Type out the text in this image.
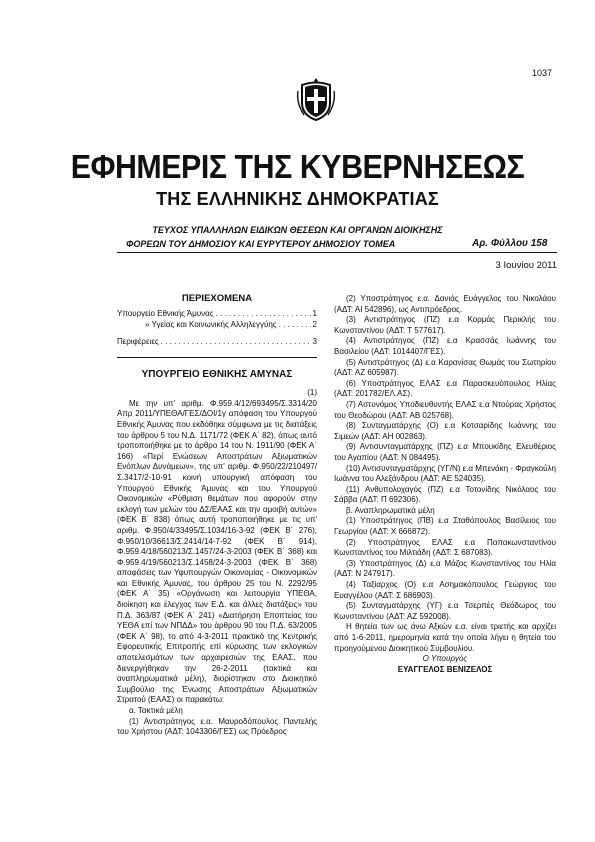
1037
ΕΦΗΜΕΡΙΣ ΤΗΣ ΚΥΒΕΡΝΗΣΕΩΣ
ΤΗΣ ΕΛΛΗΝΙΚΗΣ ΔΗΜΟΚΡΑΤΙΑΣ
ΤΕΥΧΟΣ ΥΠΑΛΛΗΛΩΝ ΕΙΔΙΚΩΝ ΘΕΣΕΩΝ ΚΑΙ ΟΡΓΑΝΩΝ ΔΙΟΙΚΗΣΗΣ
ΦΟΡΕΩΝ ΤΟΥ ΔΗΜΟΣΙΟΥ ΚΑΙ ΕΥΡΥΤΕΡΟΥ ΔΗΜΟΣΙΟΥ ΤΟΜΕΑ	Αρ. Φύλλου 158
3 Ιουνίου 2011
ΠΕΡΙΕΧΟΜΕΝΑ
Υπουργείο Εθνικής Άμυνας . . .	1
» Υγείας και Κοινωνικής Αλληλεγγύης . . .	2
Περιφέρειες . . .	3
ΥΠΟΥΡΓΕΙΟ ΕΘΝΙΚΗΣ ΑΜΥΝΑΣ
(1)
Με την υπ' αριθμ. Φ.959.4/12/693495/Σ.3314/20 Απρ 2011/ΥΠΕΘΑ/ΓΕΣ/ΔΟΙ/1γ απόφαση του Υπουργού Εθνικής Άμυνας που εκδόθηκε σύμφωνα με τις διατάξεις του άρθρου 5 του Ν.Δ. 1171/72 (ΦΕΚ Α΄ 82), όπως αυτό τροποποιήθηκε με το άρθρο 14 του Ν. 1911/90 (ΦΕΚ Α΄ 166) «Περί Ενώσεων Αποστράτων Αξιωματικών Ενόπλων Δυνάμεων», της υπ' αριθμ. Φ.950/22/210497/Σ.3417/2-10-91 κοινή υπουργική απόφαση του Υπουργού Εθνικής Άμυνας και του Υπουργού Οικονομικών «Ρύθμιση θεμάτων που αφορούν στην εκλογή των μελών του ΔΣ/ΕΑΑΣ και την αμοιβή αυτών» (ΦΕΚ Β΄ 838) όπως αυτή τροποποιήθηκε με τις υπ' αριθμ. Φ.950/4/33495/Σ.1034/16-3-92 (ΦΕΚ Β΄ 276), Φ.950/10/36613/Σ.2414/14-7-92 (ΦΕΚ Β΄ 914), Φ.959.4/18/560213/Σ.1457/24-3-2003 (ΦΕΚ Β΄ 368) και Φ.959.4/19/560213/Σ.1458/24-3-2003 (ΦΕΚ Β΄ 368) αποφάσεις των Υφυπουργών Οικονομίας - Οικονομικών και Εθνικής Άμυνας, του άρθρου 25 του Ν. 2292/95 (ΦΕΚ Α΄ 35) «Οργάνωση και λειτουργία ΥΠΕΘΑ, διοίκηση και έλεγχος των Ε.Δ. και άλλες διατάξεις» του Π.Δ. 363/87 (ΦΕΚ Α΄ 241) «Διατήρηση Εποπτείας του ΥΕΘΑ επί των ΝΠΔΔ» του άρθρου 90 του Π.Δ. 63/2005 (ΦΕΚ Α΄ 98), το από 4-3-2011 πρακτικό της Κεντρικής Εφορευτικής Επιτροπής επί κύρωσης των εκλογικών αποτελεσμάτων των αρχαιρεσιών της ΕΑΑΣ, που διενεργήθηκαν την 26-2-2011 (τακτικά και αναπληρωματικά μέλη), διορίστηκαν στο Διοικητικό Συμβούλιο της Ένωσης Αποστράτων Αξιωματικών Στρατού (ΕΑΑΣ) οι παρακάτω:
α. Τακτικά μέλη
(1) Αντιστράτηγος ε.α. Μαυροδόπουλος Παντελής του Χρήστου (ΑΔΤ: 1043306/ΓΕΣ) ως Πρόεδρος
(2) Υποστράτηγος ε.α. Δανιάς Ευάγγελος του Νικολάου (ΑΔΤ: ΑΙ 542896), ως Αντιπρόεδρος.
(3) Αντιστράτηγος (ΠΖ) ε.α Κορμάς Περικλής του Κωνσταντίνου (ΑΔΤ: Τ 577617).
(4) Αντιστράτηγος (ΠΖ) ε.α Κρασσάς Ιωάννης του Βασιλείου (ΑΔΤ: 1014407/ΓΕΣ).
(5) Αντιστράτηγος (Δ) ε.α Καρανίσας Θωμάς του Σωτηρίου (ΑΔΤ: ΑΖ 605987).
(6) Υποστράτηγος ΕΛΑΣ ε.α Παρασκευόπουλος Ηλίας (ΑΔΤ: 201782/ΕΛ.ΑΣ).
(7) Αστυνόμος Υποδιευθυντής ΕΛΑΣ ε.α Ντούρας Χρήστος του Θεοδώρου (ΑΔΤ: ΑΒ 025768).
(8) Συνταγματάρχης (Ο) ε.α Κοτσαρίδης Ιωάννης του Σιμεών (ΑΔΤ: ΑΗ 002863).
(9) Αντισυνταγματάρχης (ΠΖ) ε.α Μπουκίδης Ελευθέριος του Αγαπίου (ΑΔΤ: Ν 084495).
(10) Αντισυνταγματάρχης (ΥΓ/Ν) ε.α Μπενάκη - Φραγκούλη Ιωάννα του Αλεξάνδρου (ΑΔΤ: ΑΕ 524035).
(11) Ανθυπολοχαγός (ΠΖ) ε.α Τοτονίδης Νικόλαος του Σάββα (ΑΔΤ: Π 692306).
β. Αναπληρωματικά μέλη
(1) Υποστράτηγος (ΠΒ) ε.α Σταθόπουλος Βασίλειος του Γεωργίου (ΑΔΤ: Χ 666872).
(2) Υποστράτηγος ΕΛΑΣ ε.α Παπακωνσταντίνου Κωνσταντίνος του Μιλτιάδη (ΑΔΤ: Σ 687083).
(3) Υποστράτηγος (Δ) ε.α Μάζος Κωνσταντίνος του Ηλία (ΑΔΤ: Ν 247917).
(4) Ταξίαρχος (Ο) ε.α Ασημακόπουλος Γεώργιος του Ευαγγέλου (ΑΔΤ: Σ 686903).
(5) Συνταγματάρχης (ΥΓ) ε.α Τσερπές Θεόδωρος του Κωνσταντίνου (ΑΔΤ: ΑΖ 592008).
Η θητεία των ως άνω Αξκών ε.α. είναι τριετής και αρχίζει από 1-6-2011, ημερομηνία κατά την οποία λήγει η θητεία του προηγούμενου Διοικητικού Συμβουλίου.
Ο Υπουργός
ΕΥΑΓΓΕΛΟΣ ΒΕΝΙΖΕΛΟΣ
